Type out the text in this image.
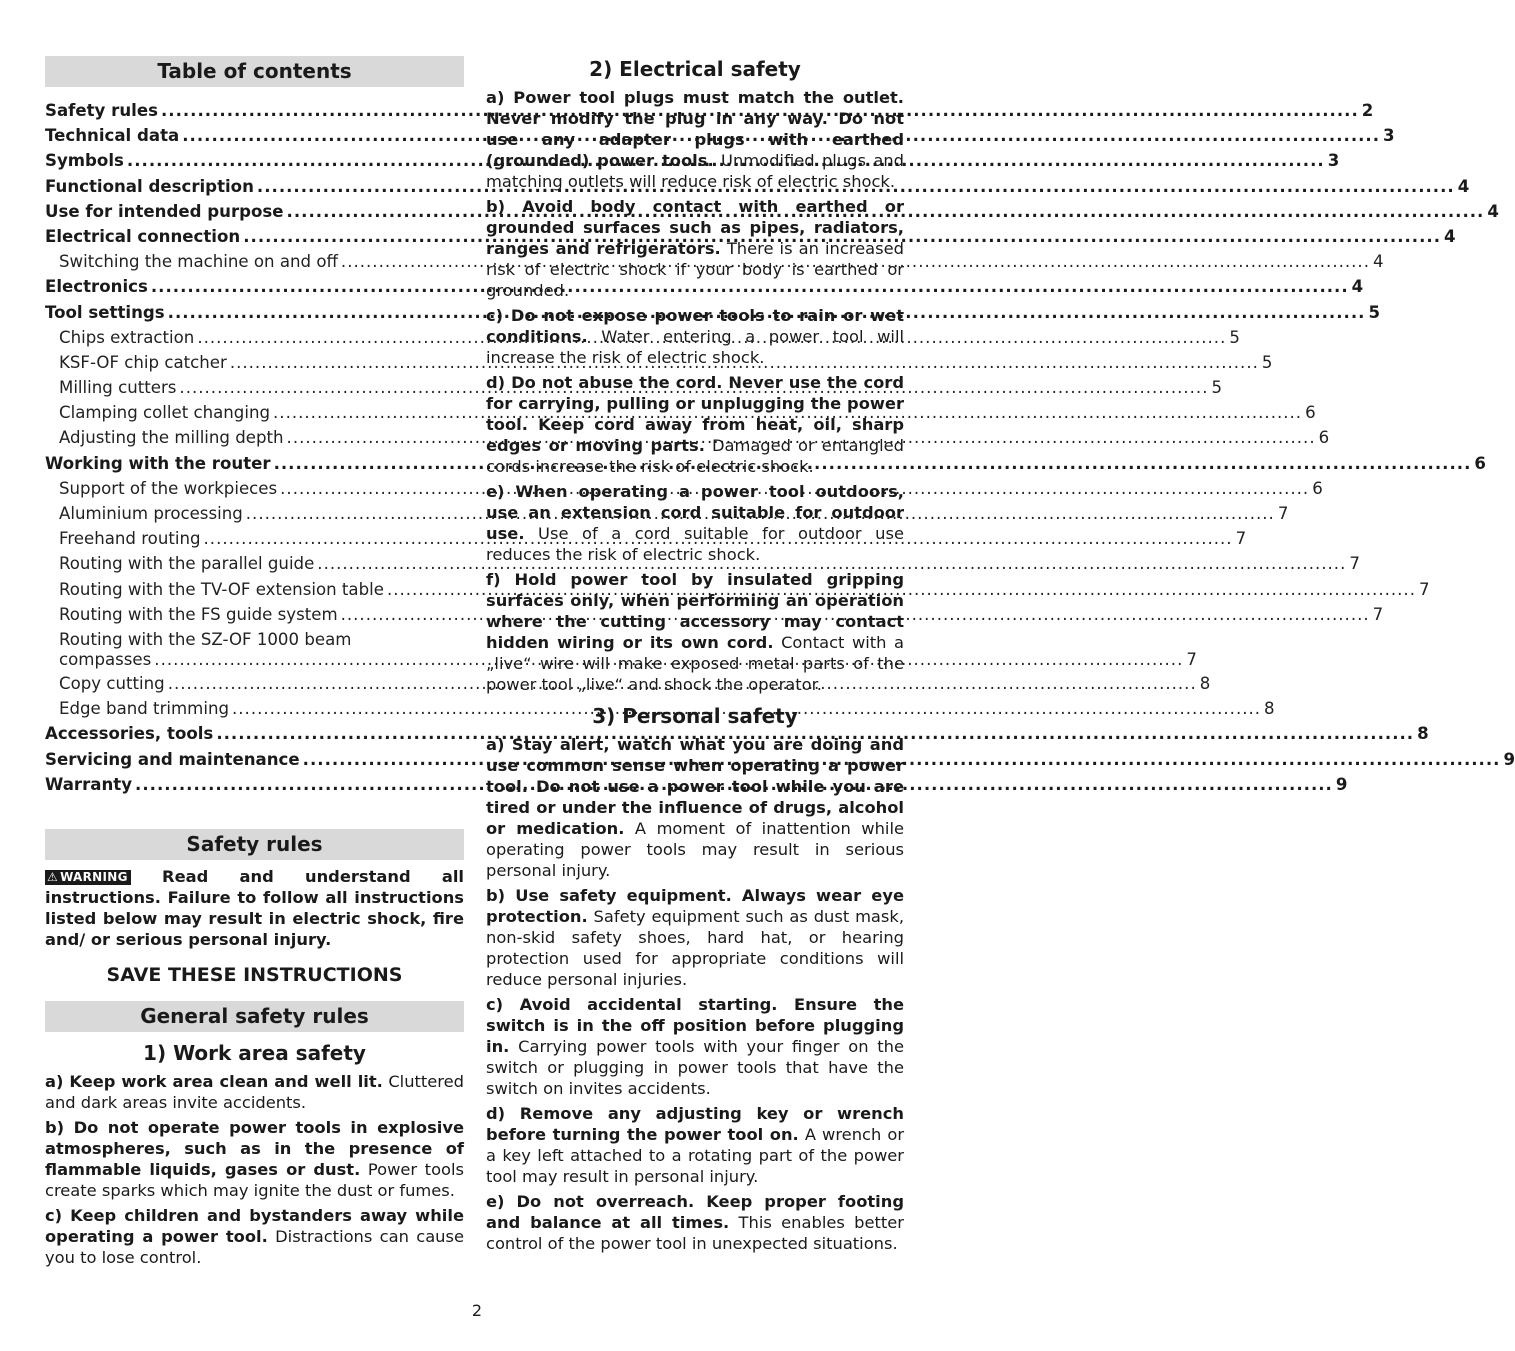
Table of contents
Safety rules .....	2
Technical data .....	3
Symbols .....	3
Functional description .....	4
Use for intended purpose .....	4
Electrical connection .....	4
Switching the machine on and off .....	4
Electronics .....	4
Tool settings .....	5
Chips extraction .....	5
KSF-OF chip catcher .....	5
Milling cutters .....	5
Clamping collet changing .....	6
Adjusting the milling depth .....	6
Working with the router .....	6
Support of the workpieces .....	6
Aluminium processing .....	7
Freehand routing .....	7
Routing with the parallel guide .....	7
Routing with the TV-OF extension table .....	7
Routing with the FS guide system .....	7
Routing with the SZ-OF 1000 beam
compasses .....	7
Copy cutting .....	8
Edge band trimming .....	8
Accessories, tools .....	8
Servicing and maintenance .....	9
Warranty .....	9
Safety rules

⚠ WARNING Read and understand all instructions. Failure to follow all instructions listed below may result in electric shock, fire and/ or serious personal injury.

SAVE THESE INSTRUCTIONS
General safety rules
1) Work area safety

a) Keep work area clean and well lit. Cluttered and dark areas invite accidents.

b) Do not operate power tools in explosive atmospheres, such as in the presence of flammable liquids, gases or dust. Power tools create sparks which may ignite the dust or fumes.

c) Keep children and bystanders away while operating a power tool. Distractions can cause you to lose control.

2) Electrical safety

a) Power tool plugs must match the outlet. Never modify the plug in any way. Do not use any adapter plugs with earthed (grounded) power tools. Unmodified plugs and matching outlets will reduce risk of electric shock.

b) Avoid body contact with earthed or grounded surfaces such as pipes, radiators, ranges and refrigerators. There is an increased risk of electric shock if your body is earthed or grounded.

c) Do not expose power tools to rain or wet conditions. Water entering a power tool will increase the risk of electric shock.

d) Do not abuse the cord. Never use the cord for carrying, pulling or unplugging the power tool. Keep cord away from heat, oil, sharp edges or moving parts. Damaged or entangled cords increase the risk of electric shock.

e) When operating a power tool outdoors, use an extension cord suitable for outdoor use. Use of a cord suitable for outdoor use reduces the risk of electric shock.

f) Hold power tool by insulated gripping surfaces only, when performing an operation where the cutting accessory may contact hidden wiring or its own cord. Contact with a „live“ wire will make exposed metal parts of the power tool „live“ and shock the operator.

3) Personal safety

a) Stay alert, watch what you are doing and use common sense when operating a power tool. Do not use a power tool while you are tired or under the influence of drugs, alcohol or medication. A moment of inattention while operating power tools may result in serious personal injury.

b) Use safety equipment. Always wear eye protection. Safety equipment such as dust mask, non-skid safety shoes, hard hat, or hearing protection used for appropriate conditions will reduce personal injuries.

c) Avoid accidental starting. Ensure the switch is in the off position before plugging in. Carrying power tools with your finger on the switch or plugging in power tools that have the switch on invites accidents.

d) Remove any adjusting key or wrench before turning the power tool on. A wrench or a key left attached to a rotating part of the power tool may result in personal injury.

e) Do not overreach. Keep proper footing and balance at all times. This enables better control of the power tool in unexpected situations.

2
